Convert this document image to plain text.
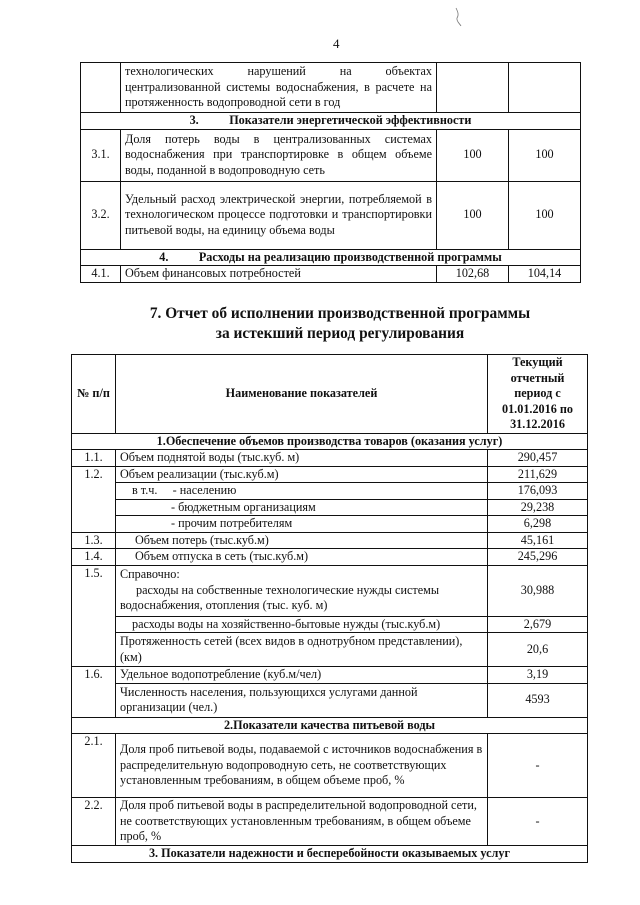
4
	технологических нарушений на объектах централизованной системы водоснабжения, в расчете на протяженность водопроводной сети в год		
3.          Показатели энергетической эффективности			
3.1.	Доля потерь воды в централизованных системах водоснабжения при транспортировке в общем объеме воды, поданной в водопроводную сеть	100	100
3.2.	Удельный расход электрической энергии, потребляемой в технологическом процессе подготовки и транспортировки питьевой воды, на единицу объема воды	100	100
4.          Расходы на реализацию производственной программы			
4.1.	Объем финансовых потребностей	102,68	104,14
7. Отчет об исполнении производственной программы
за истекший период регулирования
№ п/п	Наименование показателей	Текущий отчетный период с 01.01.2016 по 31.12.2016
1.Обеспечение объемов производства товаров (оказания услуг)		
1.1.	Объем поднятой воды (тыс.куб. м)	290,457
1.2.	Объем реализации (тыс.куб.м)	211,629
	в т.ч.     - населению	176,093
	- бюджетным организациям	29,238
	- прочим потребителям	6,298
1.3.	Объем потерь (тыс.куб.м)	45,161
1.4.	Объем отпуска в сеть (тыс.куб.м)	245,296
1.5.	Справочно:
расходы на собственные технологические нужды системы водоснабжения, отопления (тыс. куб. м)	30,988
	расходы воды на хозяйственно-бытовые нужды (тыс.куб.м)	2,679
	Протяженность сетей (всех видов в однотрубном представлении), (км)	20,6
1.6.	Удельное водопотребление (куб.м/чел)	3,19
	Численность населения, пользующихся услугами данной организации (чел.)	4593
2.Показатели качества питьевой воды		
2.1.	Доля проб питьевой воды, подаваемой с источников водоснабжения в распределительную водопроводную сеть, не соответствующих установленным требованиям, в общем объеме проб, %	-
2.2.	Доля проб питьевой воды в распределительной водопроводной сети, не соответствующих установленным требованиям, в общем объеме проб, %	-
3. Показатели надежности и бесперебойности оказываемых услуг		
